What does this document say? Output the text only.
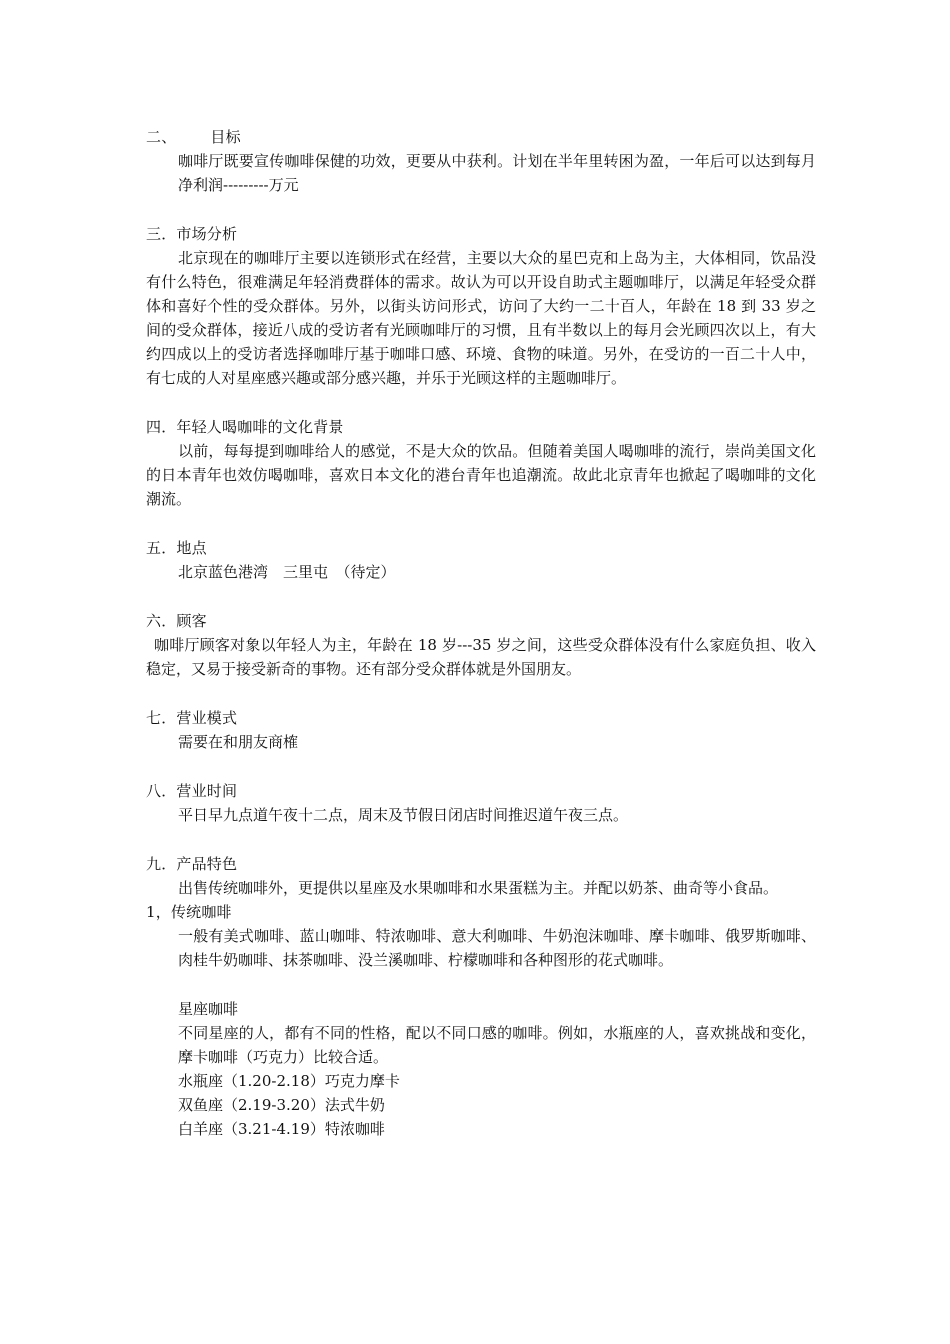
二、 目标
咖啡厅既要宣传咖啡保健的功效，更要从中获利。计划在半年里转困为盈，一年后可以达到每月净利润---------万元
三．市场分析
北京现在的咖啡厅主要以连锁形式在经营，主要以大众的星巴克和上岛为主，大体相同，饮品没有什么特色，很难满足年轻消费群体的需求。故认为可以开设自助式主题咖啡厅，以满足年轻受众群体和喜好个性的受众群体。另外，以街头访问形式，访问了大约一二十百人，年龄在 18 到 33 岁之间的受众群体，接近八成的受访者有光顾咖啡厅的习惯，且有半数以上的每月会光顾四次以上，有大约四成以上的受访者选择咖啡厅基于咖啡口感、环境、食物的味道。另外，在受访的一百二十人中，有七成的人对星座感兴趣或部分感兴趣，并乐于光顾这样的主题咖啡厅。
四．年轻人喝咖啡的文化背景
以前，每每提到咖啡给人的感觉，不是大众的饮品。但随着美国人喝咖啡的流行，崇尚美国文化的日本青年也效仿喝咖啡，喜欢日本文化的港台青年也追潮流。故此北京青年也掀起了喝咖啡的文化潮流。
五．地点
北京蓝色港湾　三里屯　（待定）
六．顾客
咖啡厅顾客对象以年轻人为主，年龄在 18 岁---35 岁之间，这些受众群体没有什么家庭负担、收入稳定，又易于接受新奇的事物。还有部分受众群体就是外国朋友。
七．营业模式
需要在和朋友商榷
八．营业时间
平日早九点道午夜十二点，周末及节假日闭店时间推迟道午夜三点。
九．产品特色
出售传统咖啡外，更提供以星座及水果咖啡和水果蛋糕为主。并配以奶茶、曲奇等小食品。
1，传统咖啡
一般有美式咖啡、蓝山咖啡、特浓咖啡、意大利咖啡、牛奶泡沫咖啡、摩卡咖啡、俄罗斯咖啡、肉桂牛奶咖啡、抹茶咖啡、没兰溪咖啡、柠檬咖啡和各种图形的花式咖啡。
星座咖啡
不同星座的人，都有不同的性格，配以不同口感的咖啡。例如，水瓶座的人，喜欢挑战和变化，摩卡咖啡（巧克力）比较合适。
水瓶座（1.20-2.18）巧克力摩卡
双鱼座（2.19-3.20）法式牛奶
白羊座（3.21-4.19）特浓咖啡
